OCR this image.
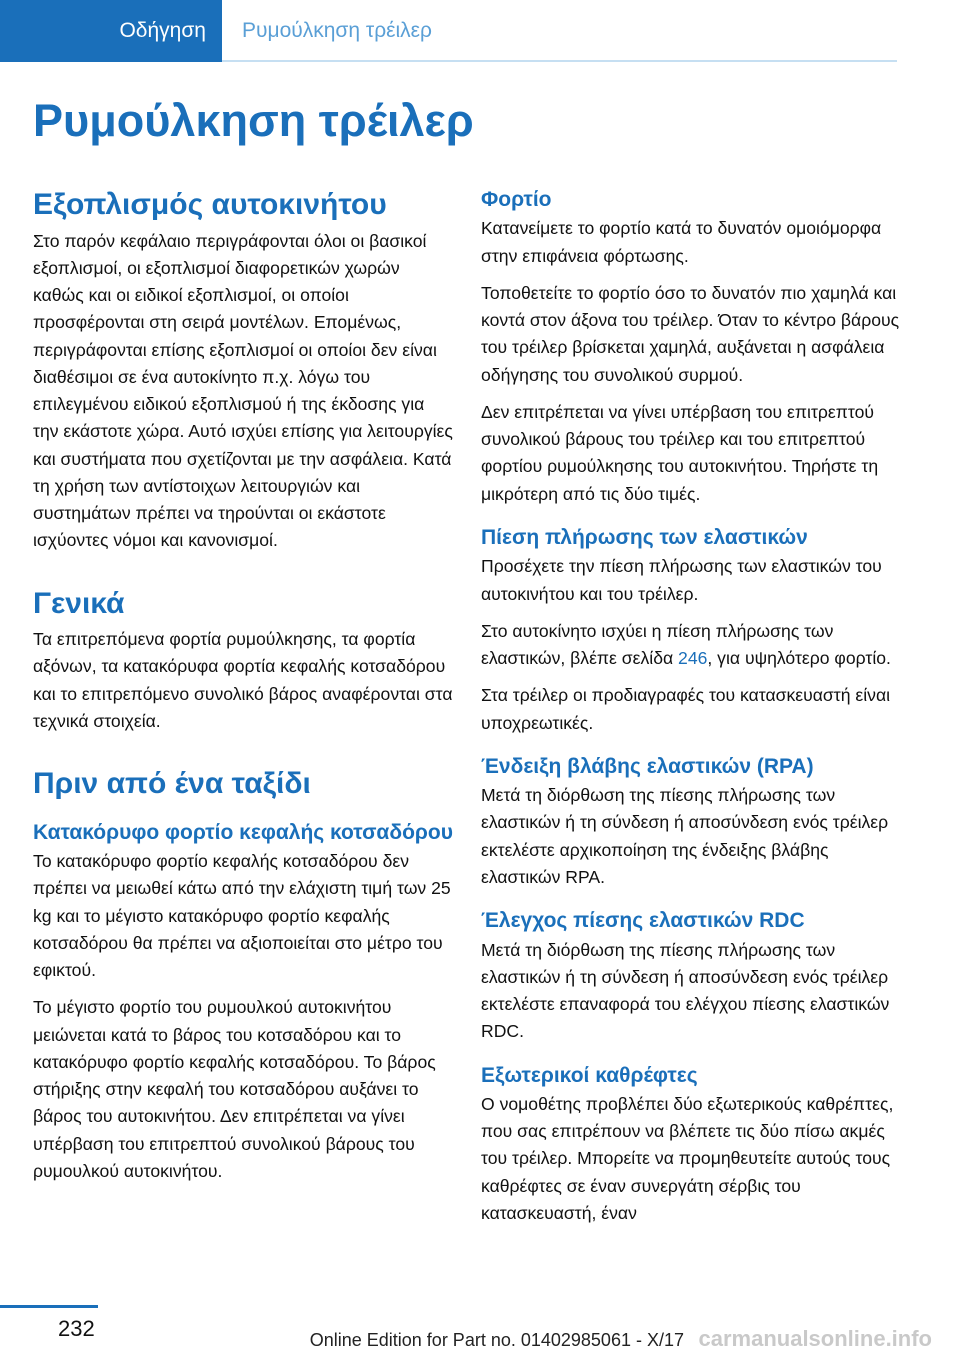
Οδήγηση Ρυμούλκηση τρέιλερ
Ρυμούλκηση τρέιλερ
Εξοπλισμός αυτοκινήτου

Στο παρόν κεφάλαιο περιγράφονται όλοι οι βασικοί εξοπλισμοί, οι εξοπλισμοί διαφορετικών χωρών καθώς και οι ειδικοί εξοπλισμοί, οι οποίοι προσφέρονται στη σειρά μοντέλων. Επομένως, περιγράφονται επίσης εξοπλισμοί οι οποίοι δεν είναι διαθέσιμοι σε ένα αυτοκίνητο π.χ. λόγω του επιλεγμένου ειδικού εξοπλισμού ή της έκδοσης για την εκάστοτε χώρα. Αυτό ισχύει επίσης για λειτουργίες και συστήματα που σχετίζονται με την ασφάλεια. Κατά τη χρήση των αντίστοιχων λειτουργιών και συστημάτων πρέπει να τηρούνται οι εκάστοτε ισχύοντες νόμοι και κανονισμοί.

Γενικά

Τα επιτρεπόμενα φορτία ρυμούλκησης, τα φορτία αξόνων, τα κατακόρυφα φορτία κεφαλής κοτσαδόρου και το επιτρεπόμενο συνολικό βάρος αναφέρονται στα τεχνικά στοιχεία.

Πριν από ένα ταξίδι
Κατακόρυφο φορτίο κεφαλής κοτσαδόρου

Το κατακόρυφο φορτίο κεφαλής κοτσαδόρου δεν πρέπει να μειωθεί κάτω από την ελάχιστη τιμή των 25 kg και το μέγιστο κατακόρυφο φορτίο κεφαλής κοτσαδόρου θα πρέπει να αξιοποιείται στο μέτρο του εφικτού.

Το μέγιστο φορτίο του ρυμουλκού αυτοκινήτου μειώνεται κατά το βάρος του κοτσαδόρου και το κατακόρυφο φορτίο κεφαλής κοτσαδόρου. Το βάρος στήριξης στην κεφαλή του κοτσαδόρου αυξάνει το βάρος του αυτοκινήτου. Δεν επιτρέπεται να γίνει υπέρβαση του επιτρεπτού συνολικού βάρους του ρυμουλκού αυτοκινήτου.

Φορτίο

Κατανείμετε το φορτίο κατά το δυνατόν ομοιόμορφα στην επιφάνεια φόρτωσης.

Τοποθετείτε το φορτίο όσο το δυνατόν πιο χαμηλά και κοντά στον άξονα του τρέιλερ. Όταν το κέντρο βάρους του τρέιλερ βρίσκεται χαμηλά, αυξάνεται η ασφάλεια οδήγησης του συνολικού συρμού.

Δεν επιτρέπεται να γίνει υπέρβαση του επιτρεπτού συνολικού βάρους του τρέιλερ και του επιτρεπτού φορτίου ρυμούλκησης του αυτοκινήτου. Τηρήστε τη μικρότερη από τις δύο τιμές.

Πίεση πλήρωσης των ελαστικών

Προσέχετε την πίεση πλήρωσης των ελαστικών του αυτοκινήτου και του τρέιλερ.

Στο αυτοκίνητο ισχύει η πίεση πλήρωσης των ελαστικών, βλέπε σελίδα 246, για υψηλότερο φορτίο.

Στα τρέιλερ οι προδιαγραφές του κατασκευαστή είναι υποχρεωτικές.

Ένδειξη βλάβης ελαστικών (RPA)

Μετά τη διόρθωση της πίεσης πλήρωσης των ελαστικών ή τη σύνδεση ή αποσύνδεση ενός τρέιλερ εκτελέστε αρχικοποίηση της ένδειξης βλάβης ελαστικών RPA.

Έλεγχος πίεσης ελαστικών RDC

Μετά τη διόρθωση της πίεσης πλήρωσης των ελαστικών ή τη σύνδεση ή αποσύνδεση ενός τρέιλερ εκτελέστε επαναφορά του ελέγχου πίεσης ελαστικών RDC.

Εξωτερικοί καθρέφτες

Ο νομοθέτης προβλέπει δύο εξωτερικούς καθρέπτες, που σας επιτρέπουν να βλέπετε τις δύο πίσω ακμές του τρέιλερ. Μπορείτε να προμηθευτείτε αυτούς τους καθρέφτες σε έναν συνεργάτη σέρβις του κατασκευαστή, έναν

232	Online Edition for Part no. 01402985061 - X/17 carmanualsonline.info
